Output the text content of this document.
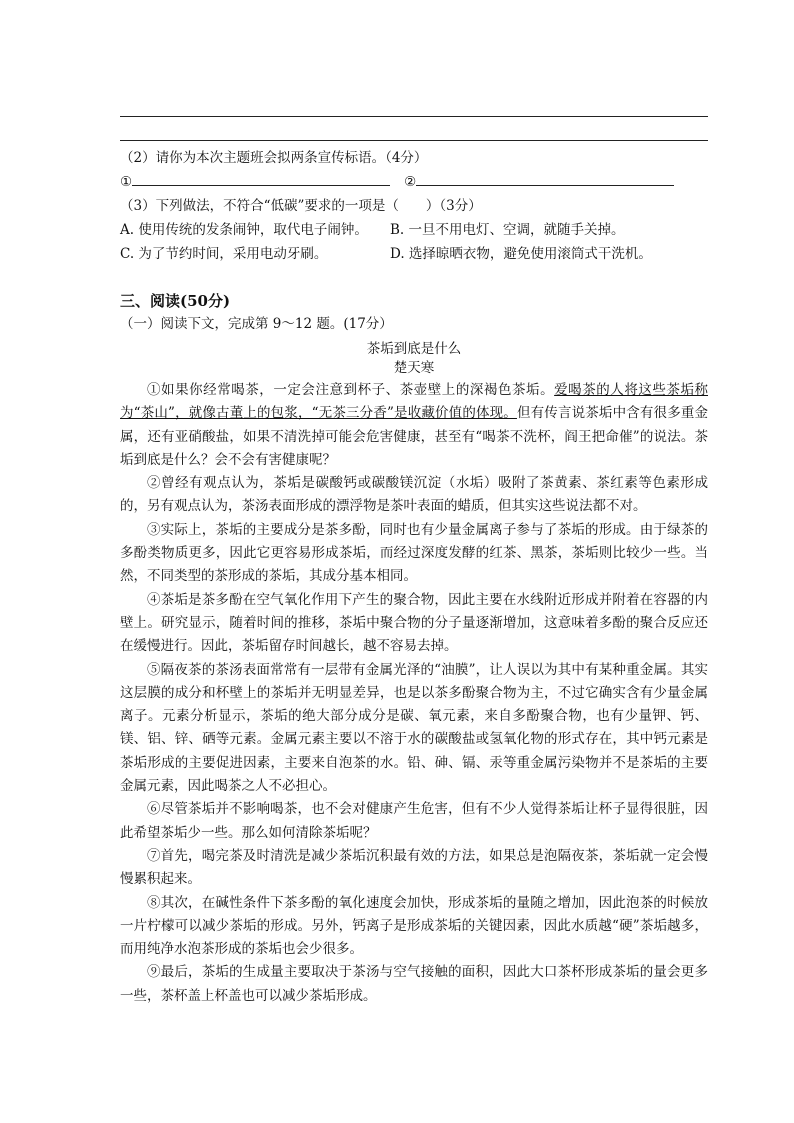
（2）请你为本次主题班会拟两条宣传标语。（4分）
①	②
（3）下列做法，不符合“低碳”要求的一项是（　　）（3分）
A. 使用传统的发条闹钟，取代电子闹钟。 B. 一旦不用电灯、空调，就随手关掉。
C. 为了节约时间，采用电动牙刷。	D. 选择晾晒衣物，避免使用滚筒式干洗机。
三、阅读(50分)
（一）阅读下文，完成第 9～12 题。(17分）
茶垢到底是什么
楚天寒

①如果你经常喝茶，一定会注意到杯子、茶壶壁上的深褐色茶垢。爱喝茶的人将这些茶垢称为“茶山”，就像古董上的包浆，“无茶三分香”是收藏价值的体现。但有传言说茶垢中含有很多重金属，还有亚硝酸盐，如果不清洗掉可能会危害健康，甚至有“喝茶不洗杯，阎王把命催”的说法。茶垢到底是什么？会不会有害健康呢？

②曾经有观点认为，茶垢是碳酸钙或碳酸镁沉淀（水垢）吸附了茶黄素、茶红素等色素形成的，另有观点认为，茶汤表面形成的漂浮物是茶叶表面的蜡质，但其实这些说法都不对。

③实际上，茶垢的主要成分是茶多酚，同时也有少量金属离子参与了茶垢的形成。由于绿茶的多酚类物质更多，因此它更容易形成茶垢，而经过深度发酵的红茶、黑茶，茶垢则比较少一些。当然，不同类型的茶形成的茶垢，其成分基本相同。

④茶垢是茶多酚在空气氧化作用下产生的聚合物，因此主要在水线附近形成并附着在容器的内壁上。研究显示，随着时间的推移，茶垢中聚合物的分子量逐渐增加，这意味着多酚的聚合反应还在缓慢进行。因此，茶垢留存时间越长，越不容易去掉。

⑤隔夜茶的茶汤表面常常有一层带有金属光泽的“油膜”，让人误以为其中有某种重金属。其实这层膜的成分和杯壁上的茶垢并无明显差异，也是以茶多酚聚合物为主，不过它确实含有少量金属离子。元素分析显示，茶垢的绝大部分成分是碳、氧元素，来自多酚聚合物，也有少量钾、钙、镁、铝、锌、硒等元素。金属元素主要以不溶于水的碳酸盐或氢氧化物的形式存在，其中钙元素是茶垢形成的主要促进因素，主要来自泡茶的水。铅、砷、镉、汞等重金属污染物并不是茶垢的主要金属元素，因此喝茶之人不必担心。

⑥尽管茶垢并不影响喝茶，也不会对健康产生危害，但有不少人觉得茶垢让杯子显得很脏，因此希望茶垢少一些。那么如何清除茶垢呢？

⑦首先，喝完茶及时清洗是减少茶垢沉积最有效的方法，如果总是泡隔夜茶，茶垢就一定会慢慢累积起来。

⑧其次，在碱性条件下茶多酚的氧化速度会加快，形成茶垢的量随之增加，因此泡茶的时候放一片柠檬可以减少茶垢的形成。另外，钙离子是形成茶垢的关键因素，因此水质越“硬”茶垢越多，而用纯净水泡茶形成的茶垢也会少很多。

⑨最后，茶垢的生成量主要取决于茶汤与空气接触的面积，因此大口茶杯形成茶垢的量会更多一些，茶杯盖上杯盖也可以减少茶垢形成。
